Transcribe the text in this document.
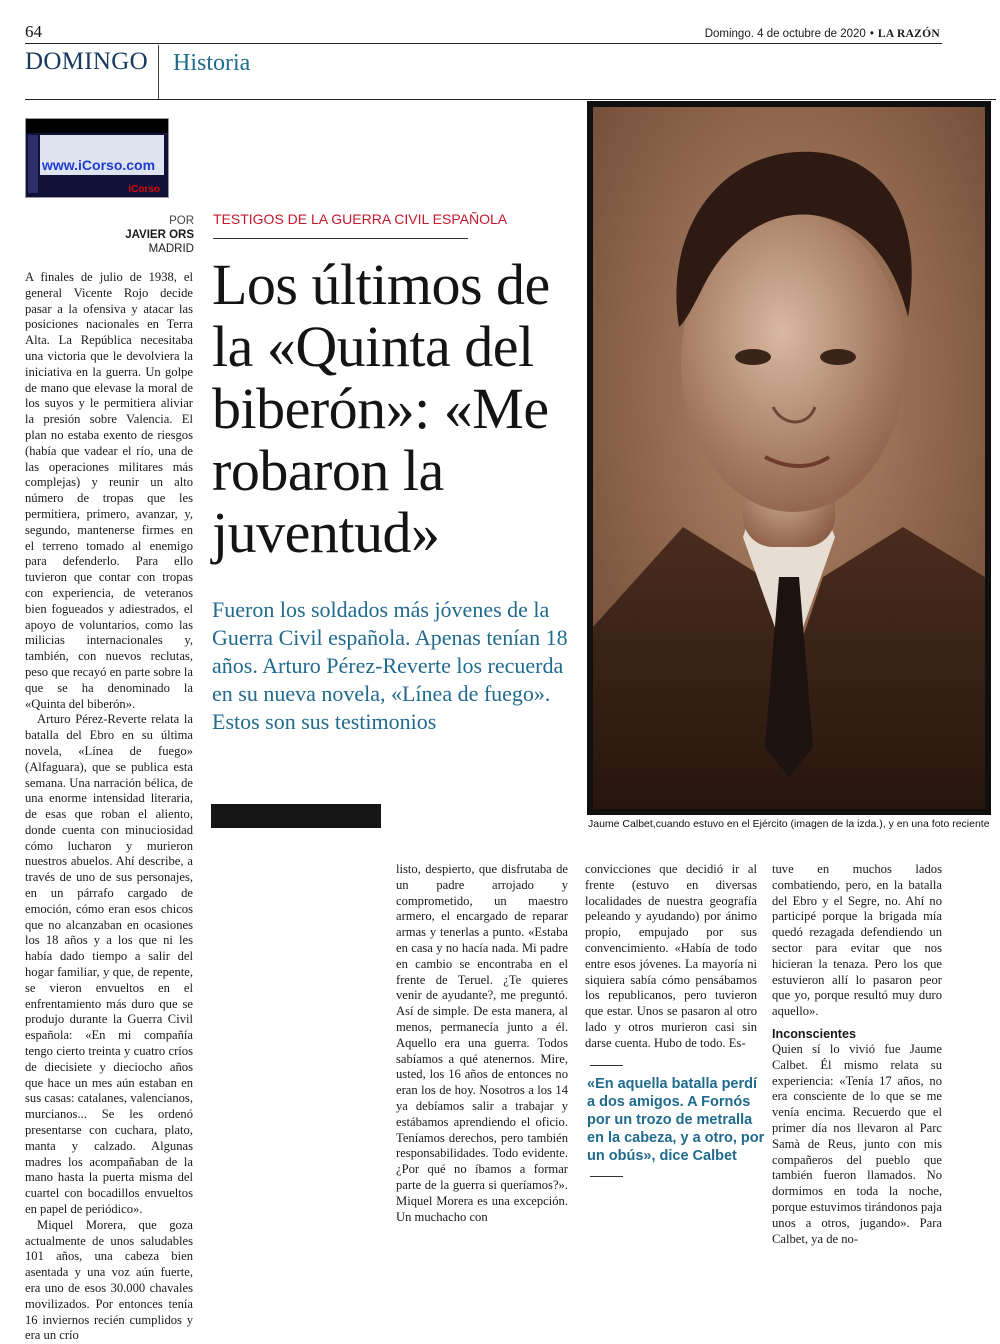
64	Domingo. 4 de octubre de 2020 • LA RAZÓN
DOMINGO Historia
www.iCorso.com
iCorso
POR
JAVIER ORS
MADRID
TESTIGOS DE LA GUERRA CIVIL ESPAÑOLA
Los últimos de la «Quinta del biberón»: «Me robaron la juventud»
Fueron los soldados más jóvenes de la Guerra Civil española. Apenas tenían 18 años. Arturo Pérez-Reverte los recuerda en su nueva novela, «Línea de fuego». Estos son sus testimonios
Jaume Calbet,cuando estuvo en el Ejército (imagen de la izda.), y en una foto reciente

A finales de julio de 1938, el general Vicente Rojo decide pasar a la ofensiva y atacar las posiciones nacionales en Terra Alta. La República necesitaba una victoria que le devolviera la iniciativa en la guerra. Un golpe de mano que elevase la moral de los suyos y le permitiera aliviar la presión sobre Valencia. El plan no estaba exento de riesgos (había que vadear el río, una de las operaciones militares más complejas) y reunir un alto número de tropas que les permitiera, primero, avanzar, y, segundo, mantenerse firmes en el terreno tomado al enemigo para defenderlo. Para ello tuvieron que contar con tropas con experiencia, de veteranos bien fogueados y adiestrados, el apoyo de voluntarios, como las milicias internacionales y, también, con nuevos reclutas, peso que recayó en parte sobre la que se ha denominado la «Quinta del biberón».

Arturo Pérez-Reverte relata la batalla del Ebro en su última novela, «Línea de fuego» (Alfaguara), que se publica esta semana. Una narración bélica, de una enorme intensidad literaria, de esas que roban el aliento, donde cuenta con minuciosidad cómo lucharon y murieron nuestros abuelos. Ahí describe, a través de uno de sus personajes, en un párrafo cargado de emoción, cómo eran esos chicos que no alcanzaban en ocasiones los 18 años y a los que ni les había dado tiempo a salir del hogar familiar, y que, de repente, se vieron envueltos en el enfrentamiento más duro que se produjo durante la Guerra Civil española: «En mi compañía tengo cierto treinta y cuatro críos de diecisiete y dieciocho años que hace un mes aún estaban en sus casas: catalanes, valencianos, murcianos... Se les ordenó presentarse con cuchara, plato, manta y calzado. Algunas madres los acompañaban de la mano hasta la puerta misma del cuartel con bocadillos envueltos en papel de periódico».

Miquel Morera, que goza actualmente de unos saludables 101 años, una cabeza bien asentada y una voz aún fuerte, era uno de esos 30.000 chavales movilizados. Por entonces tenía 16 inviernos recién cumplidos y era un crío

listo, despierto, que disfrutaba de un padre arrojado y comprometido, un maestro armero, el encargado de reparar armas y tenerlas a punto. «Estaba en casa y no hacía nada. Mi padre en cambio se encontraba en el frente de Teruel. ¿Te quieres venir de ayudante?, me preguntó. Así de simple. De esta manera, al menos, permanecía junto a él. Aquello era una guerra. Todos sabíamos a qué atenernos. Mire, usted, los 16 años de entonces no eran los de hoy. Nosotros a los 14 ya debíamos salir a trabajar y estábamos aprendiendo el oficio. Teníamos derechos, pero también responsabilidades. Todo evidente. ¿Por qué no íbamos a formar parte de la guerra si queríamos?». Miquel Morera es una excepción. Un muchacho con

convicciones que decidió ir al frente (estuvo en diversas localidades de nuestra geografía peleando y ayudando) por ánimo propio, empujado por sus convencimiento. «Había de todo entre esos jóvenes. La mayoría ni siquiera sabía cómo pensábamos los republicanos, pero tuvieron que estar. Unos se pasaron al otro lado y otros murieron casi sin darse cuenta. Hubo de todo. Es-

«En aquella batalla perdí a dos amigos. A Fornós por un trozo de metralla en la cabeza, y a otro, por un obús», dice Calbet

tuve en muchos lados combatiendo, pero, en la batalla del Ebro y el Segre, no. Ahí no participé porque la brigada mía quedó rezagada defendiendo un sector para evitar que nos hicieran la tenaza. Pero los que estuvieron allí lo pasaron peor que yo, porque resultó muy duro aquello».

Inconscientes

Quien sí lo vivió fue Jaume Calbet. Él mismo relata su experiencia: «Tenía 17 años, no era consciente de lo que se me venía encima. Recuerdo que el primer día nos llevaron al Parc Samà de Reus, junto con mis compañeros del pueblo que también fueron llamados. No dormimos en toda la noche, porque estuvimos tirándonos paja unos a otros, jugando». Para Calbet, ya de no-
